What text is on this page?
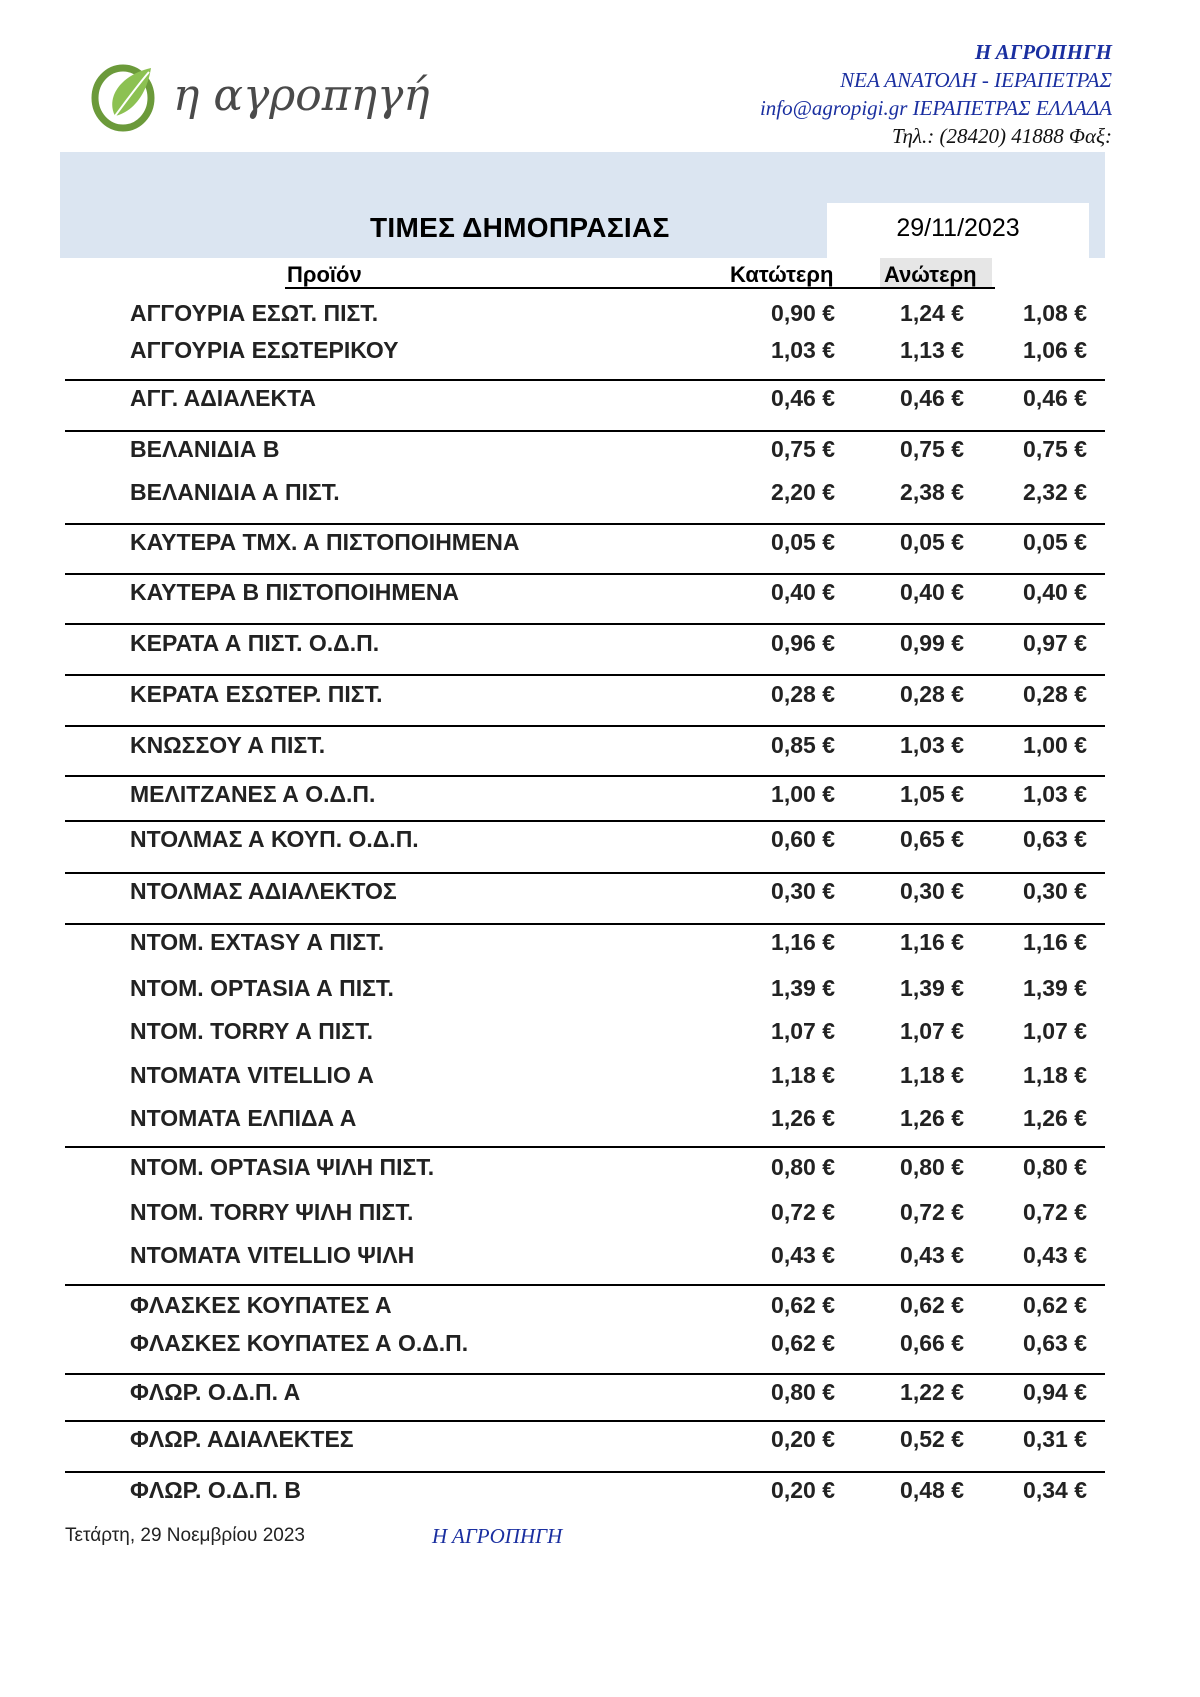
η αγροπηγή
Η ΑΓΡΟΠΗΓΗ
ΝΕΑ ΑΝΑΤΟΛΗ - ΙΕΡΑΠΕΤΡΑΣ
info@agropigi.gr ΙΕΡΑΠΕΤΡΑΣ ΕΛΛΑΔΑ
Τηλ.: (28420) 41888 Φαξ:
ΤΙΜΕΣ ΔΗΜΟΠΡΑΣΙΑΣ	29/11/2023
Προϊόν	Κατώτερη Ανώτερη
ΑΓΓΟΥΡΙΑ ΕΣΩΤ. ΠΙΣΤ.	0,90 €	1,24 €	1,08 €
ΑΓΓΟΥΡΙΑ ΕΣΩΤΕΡΙΚΟΥ	1,03 €	1,13 €	1,06 €
ΑΓΓ. ΑΔΙΑΛΕΚΤΑ	0,46 €	0,46 €	0,46 €
ΒΕΛΑΝΙΔΙΑ Β	0,75 €	0,75 €	0,75 €
ΒΕΛΑΝΙΔΙΑ Α ΠΙΣΤ.	2,20 €	2,38 €	2,32 €
ΚΑΥΤΕΡΑ ΤΜΧ. Α ΠΙΣΤΟΠΟΙΗΜΕΝΑ	0,05 €	0,05 €	0,05 €
ΚΑΥΤΕΡΑ Β ΠΙΣΤΟΠΟΙΗΜΕΝΑ	0,40 €	0,40 €	0,40 €
ΚΕΡΑΤΑ Α ΠΙΣΤ. Ο.Δ.Π.	0,96 €	0,99 €	0,97 €
ΚΕΡΑΤΑ ΕΣΩΤΕΡ. ΠΙΣΤ.	0,28 €	0,28 €	0,28 €
ΚΝΩΣΣΟΥ Α ΠΙΣΤ.	0,85 €	1,03 €	1,00 €
ΜΕΛΙΤΖΑΝΕΣ Α Ο.Δ.Π.	1,00 €	1,05 €	1,03 €
ΝΤΟΛΜΑΣ Α ΚΟΥΠ. Ο.Δ.Π.	0,60 €	0,65 €	0,63 €
ΝΤΟΛΜΑΣ ΑΔΙΑΛΕΚΤΟΣ	0,30 €	0,30 €	0,30 €
ΝΤΟΜ. EXTASY Α ΠΙΣΤ.	1,16 €	1,16 €	1,16 €
ΝΤΟΜ. OPTASIA Α ΠΙΣΤ.	1,39 €	1,39 €	1,39 €
ΝΤΟΜ. TORRY Α ΠΙΣΤ.	1,07 €	1,07 €	1,07 €
ΝΤΟΜΑΤΑ VITELLIO Α	1,18 €	1,18 €	1,18 €
ΝΤΟΜΑΤΑ ΕΛΠΙΔΑ Α	1,26 €	1,26 €	1,26 €
ΝΤΟΜ. OPTASIA ΨΙΛΗ ΠΙΣΤ.	0,80 €	0,80 €	0,80 €
ΝΤΟΜ. TORRY ΨΙΛΗ ΠΙΣΤ.	0,72 €	0,72 €	0,72 €
ΝΤΟΜΑΤΑ VITELLIO ΨΙΛΗ	0,43 €	0,43 €	0,43 €
ΦΛΑΣΚΕΣ ΚΟΥΠΑΤΕΣ Α	0,62 €	0,62 €	0,62 €
ΦΛΑΣΚΕΣ ΚΟΥΠΑΤΕΣ Α Ο.Δ.Π.	0,62 €	0,66 €	0,63 €
ΦΛΩΡ. Ο.Δ.Π. Α	0,80 €	1,22 €	0,94 €
ΦΛΩΡ. ΑΔΙΑΛΕΚΤΕΣ	0,20 €	0,52 €	0,31 €
ΦΛΩΡ. Ο.Δ.Π. Β	0,20 €	0,48 €	0,34 €
Τετάρτη, 29 Νοεμβρίου 2023	Η ΑΓΡΟΠΗΓΗ
